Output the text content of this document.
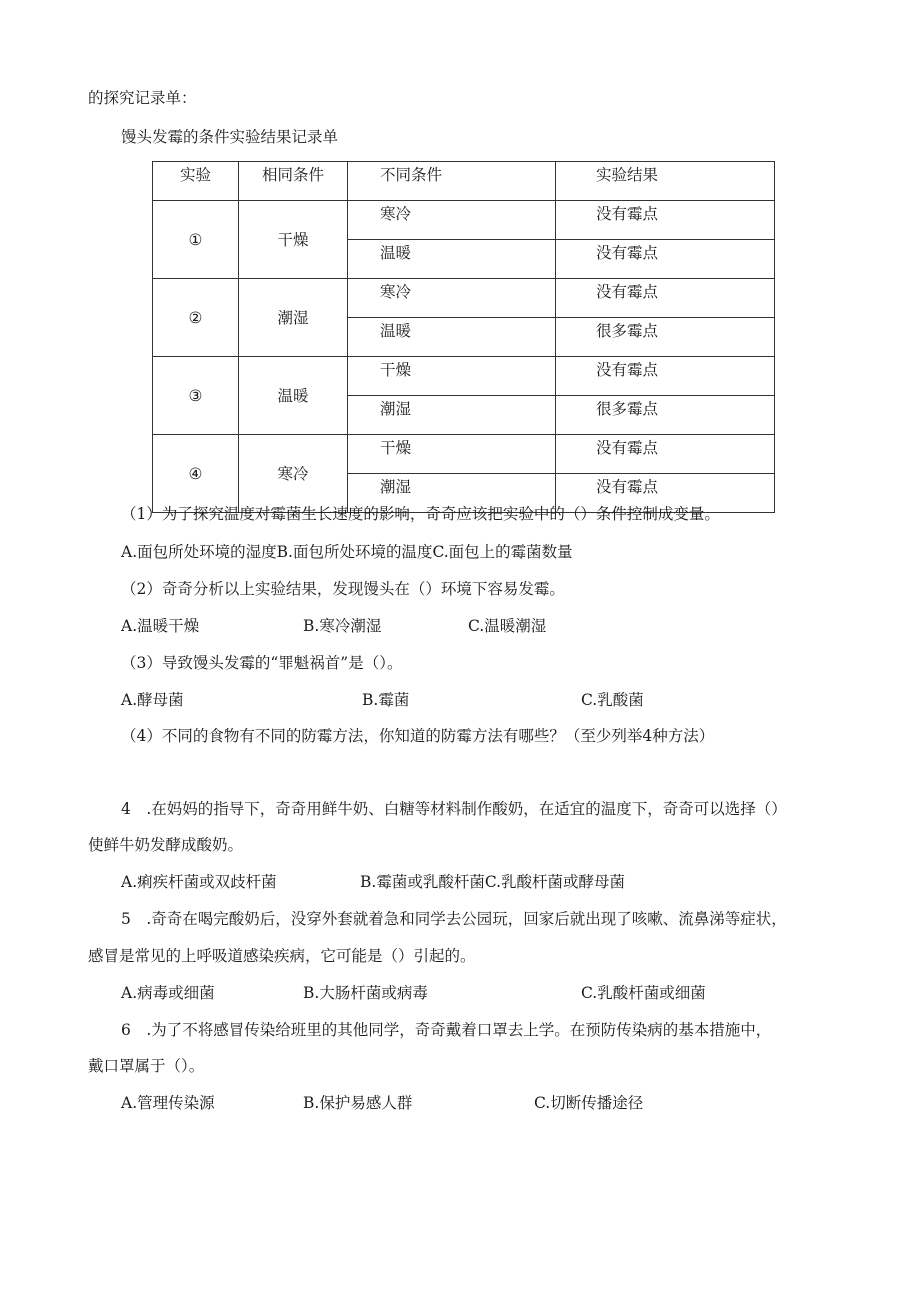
的探究记录单：
馒头发霉的条件实验结果记录单
实验	相同条件	不同条件	实验结果
①	干燥	寒冷	没有霉点
		温暖	没有霉点
②	潮湿	寒冷	没有霉点
		温暖	很多霉点
③	温暖	干燥	没有霉点
		潮湿	很多霉点
④	寒冷	干燥	没有霉点
		潮湿	没有霉点
（1）为了探究温度对霉菌生长速度的影响，奇奇应该把实验中的（）条件控制成变量。
A.面包所处环境的湿度B.面包所处环境的温度C.面包上的霉菌数量
（2）奇奇分析以上实验结果，发现馒头在（）环境下容易发霉。
A.温暖干燥	B.寒冷潮湿	C.温暖潮湿
（3）导致馒头发霉的“罪魁祸首”是（）。
A.酵母菌	B.霉菌	C.乳酸菌
（4）不同的食物有不同的防霉方法，你知道的防霉方法有哪些？（至少列举4种方法）
4　.在妈妈的指导下，奇奇用鲜牛奶、白糖等材料制作酸奶，在适宜的温度下，奇奇可以选择（）
使鲜牛奶发酵成酸奶。
A.痢疾杆菌或双歧杆菌	B.霉菌或乳酸杆菌C.乳酸杆菌或酵母菌
5　.奇奇在喝完酸奶后，没穿外套就着急和同学去公园玩，回家后就出现了咳嗽、流鼻涕等症状，
感冒是常见的上呼吸道感染疾病，它可能是（）引起的。
A.病毒或细菌	B.大肠杆菌或病毒	C.乳酸杆菌或细菌
6　.为了不将感冒传染给班里的其他同学，奇奇戴着口罩去上学。在预防传染病的基本措施中，
戴口罩属于（）。
A.管理传染源	B.保护易感人群	C.切断传播途径
